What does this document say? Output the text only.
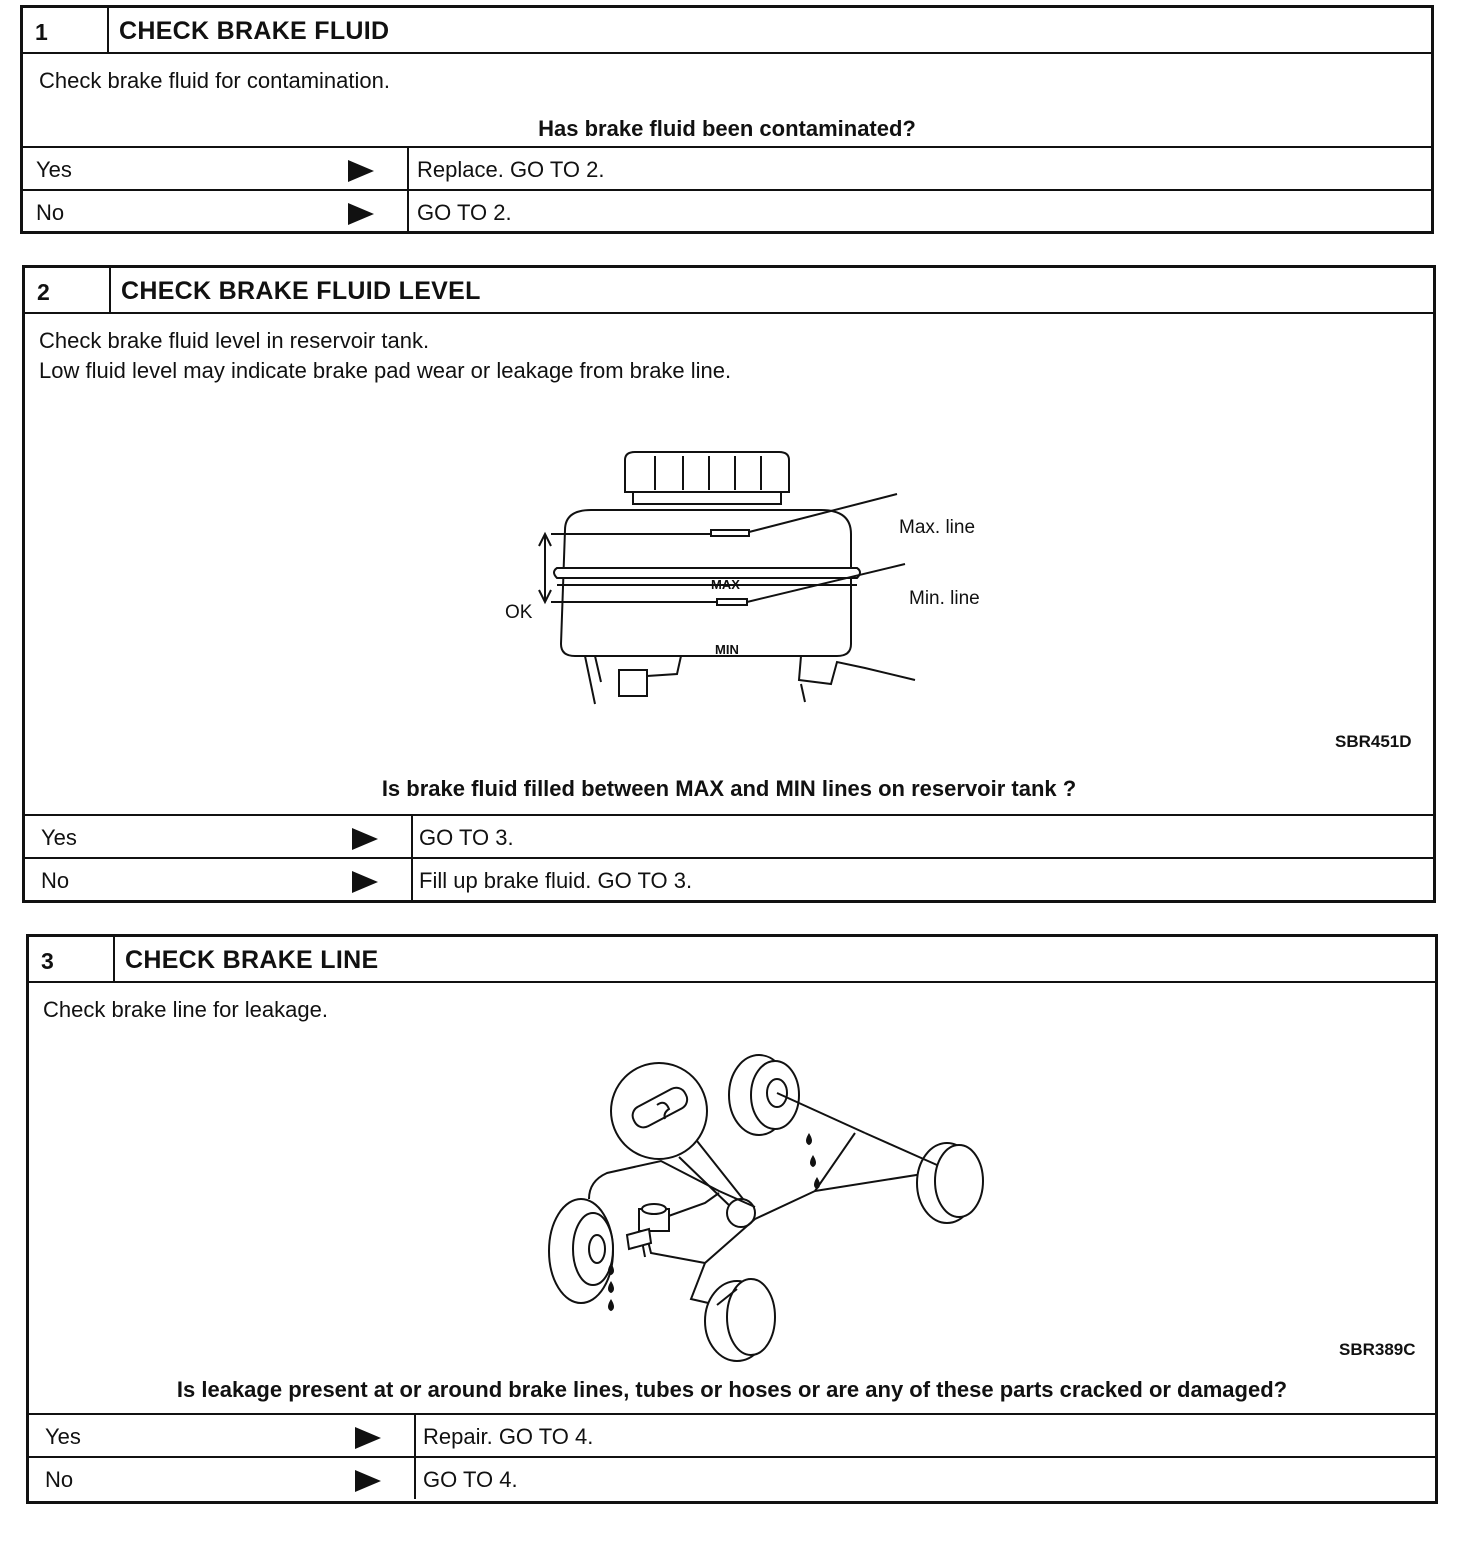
1	CHECK BRAKE FLUID
Check brake fluid for contamination.
Has brake fluid been contaminated?
Yes	Replace. GO TO 2.
No	GO TO 2.
2	CHECK BRAKE FLUID LEVEL
Check brake fluid level in reservoir tank.
Low fluid level may indicate brake pad wear or leakage from brake line.
Max. line
Min. line
OK
MAX
MIN
SBR451D
Is brake fluid filled between MAX and MIN lines on reservoir tank ?
Yes	GO TO 3.
No	Fill up brake fluid. GO TO 3.
3	CHECK BRAKE LINE
Check brake line for leakage.
SBR389C
Is leakage present at or around brake lines, tubes or hoses or are any of these parts cracked or damaged?
Yes	Repair. GO TO 4.
No	GO TO 4.
